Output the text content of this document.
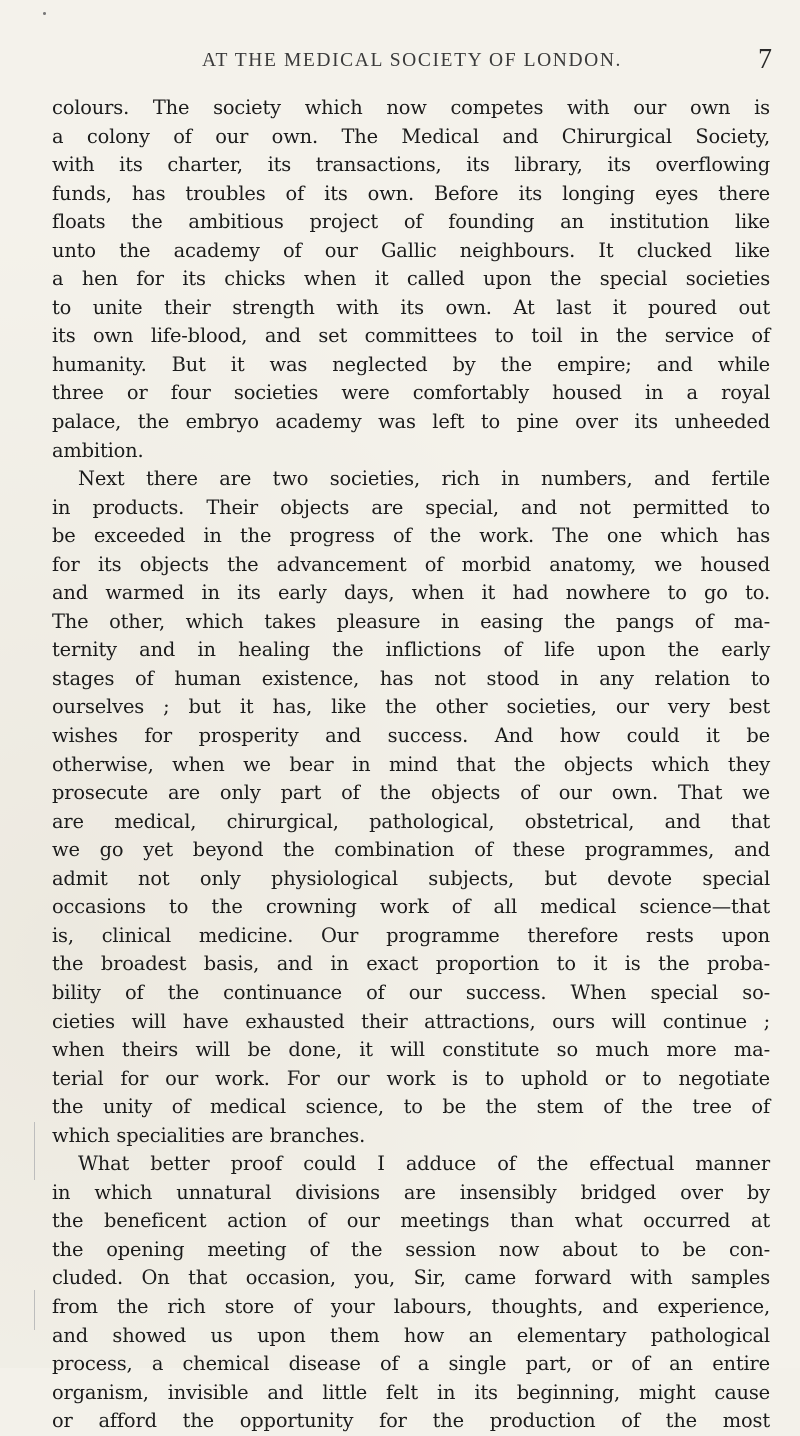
AT THE MEDICAL SOCIETY OF LONDON.	7
colours. The society which now competes with our own is
a colony of our own. The Medical and Chirurgical Society,
with its charter, its transactions, its library, its overflowing
funds, has troubles of its own. Before its longing eyes there
floats the ambitious project of founding an institution like
unto the academy of our Gallic neighbours. It clucked like
a hen for its chicks when it called upon the special societies
to unite their strength with its own. At last it poured out
its own life-blood, and set committees to toil in the service of
humanity. But it was neglected by the empire; and while
three or four societies were comfortably housed in a royal
palace, the embryo academy was left to pine over its unheeded
ambition.
Next there are two societies, rich in numbers, and fertile
in products. Their objects are special, and not permitted to
be exceeded in the progress of the work. The one which has
for its objects the advancement of morbid anatomy, we housed
and warmed in its early days, when it had nowhere to go to.
The other, which takes pleasure in easing the pangs of ma-
ternity and in healing the inflictions of life upon the early
stages of human existence, has not stood in any relation to
ourselves ; but it has, like the other societies, our very best
wishes for prosperity and success. And how could it be
otherwise, when we bear in mind that the objects which they
prosecute are only part of the objects of our own. That we
are medical, chirurgical, pathological, obstetrical, and that
we go yet beyond the combination of these programmes, and
admit not only physiological subjects, but devote special
occasions to the crowning work of all medical science—that
is, clinical medicine. Our programme therefore rests upon
the broadest basis, and in exact proportion to it is the proba-
bility of the continuance of our success. When special so-
cieties will have exhausted their attractions, ours will continue ;
when theirs will be done, it will constitute so much more ma-
terial for our work. For our work is to uphold or to negotiate
the unity of medical science, to be the stem of the tree of
which specialities are branches.
What better proof could I adduce of the effectual manner
in which unnatural divisions are insensibly bridged over by
the beneficent action of our meetings than what occurred at
the opening meeting of the session now about to be con-
cluded. On that occasion, you, Sir, came forward with samples
from the rich store of your labours, thoughts, and experience,
and showed us upon them how an elementary pathological
process, a chemical disease of a single part, or of an entire
organism, invisible and little felt in its beginning, might cause
or afford the opportunity for the production of the most
